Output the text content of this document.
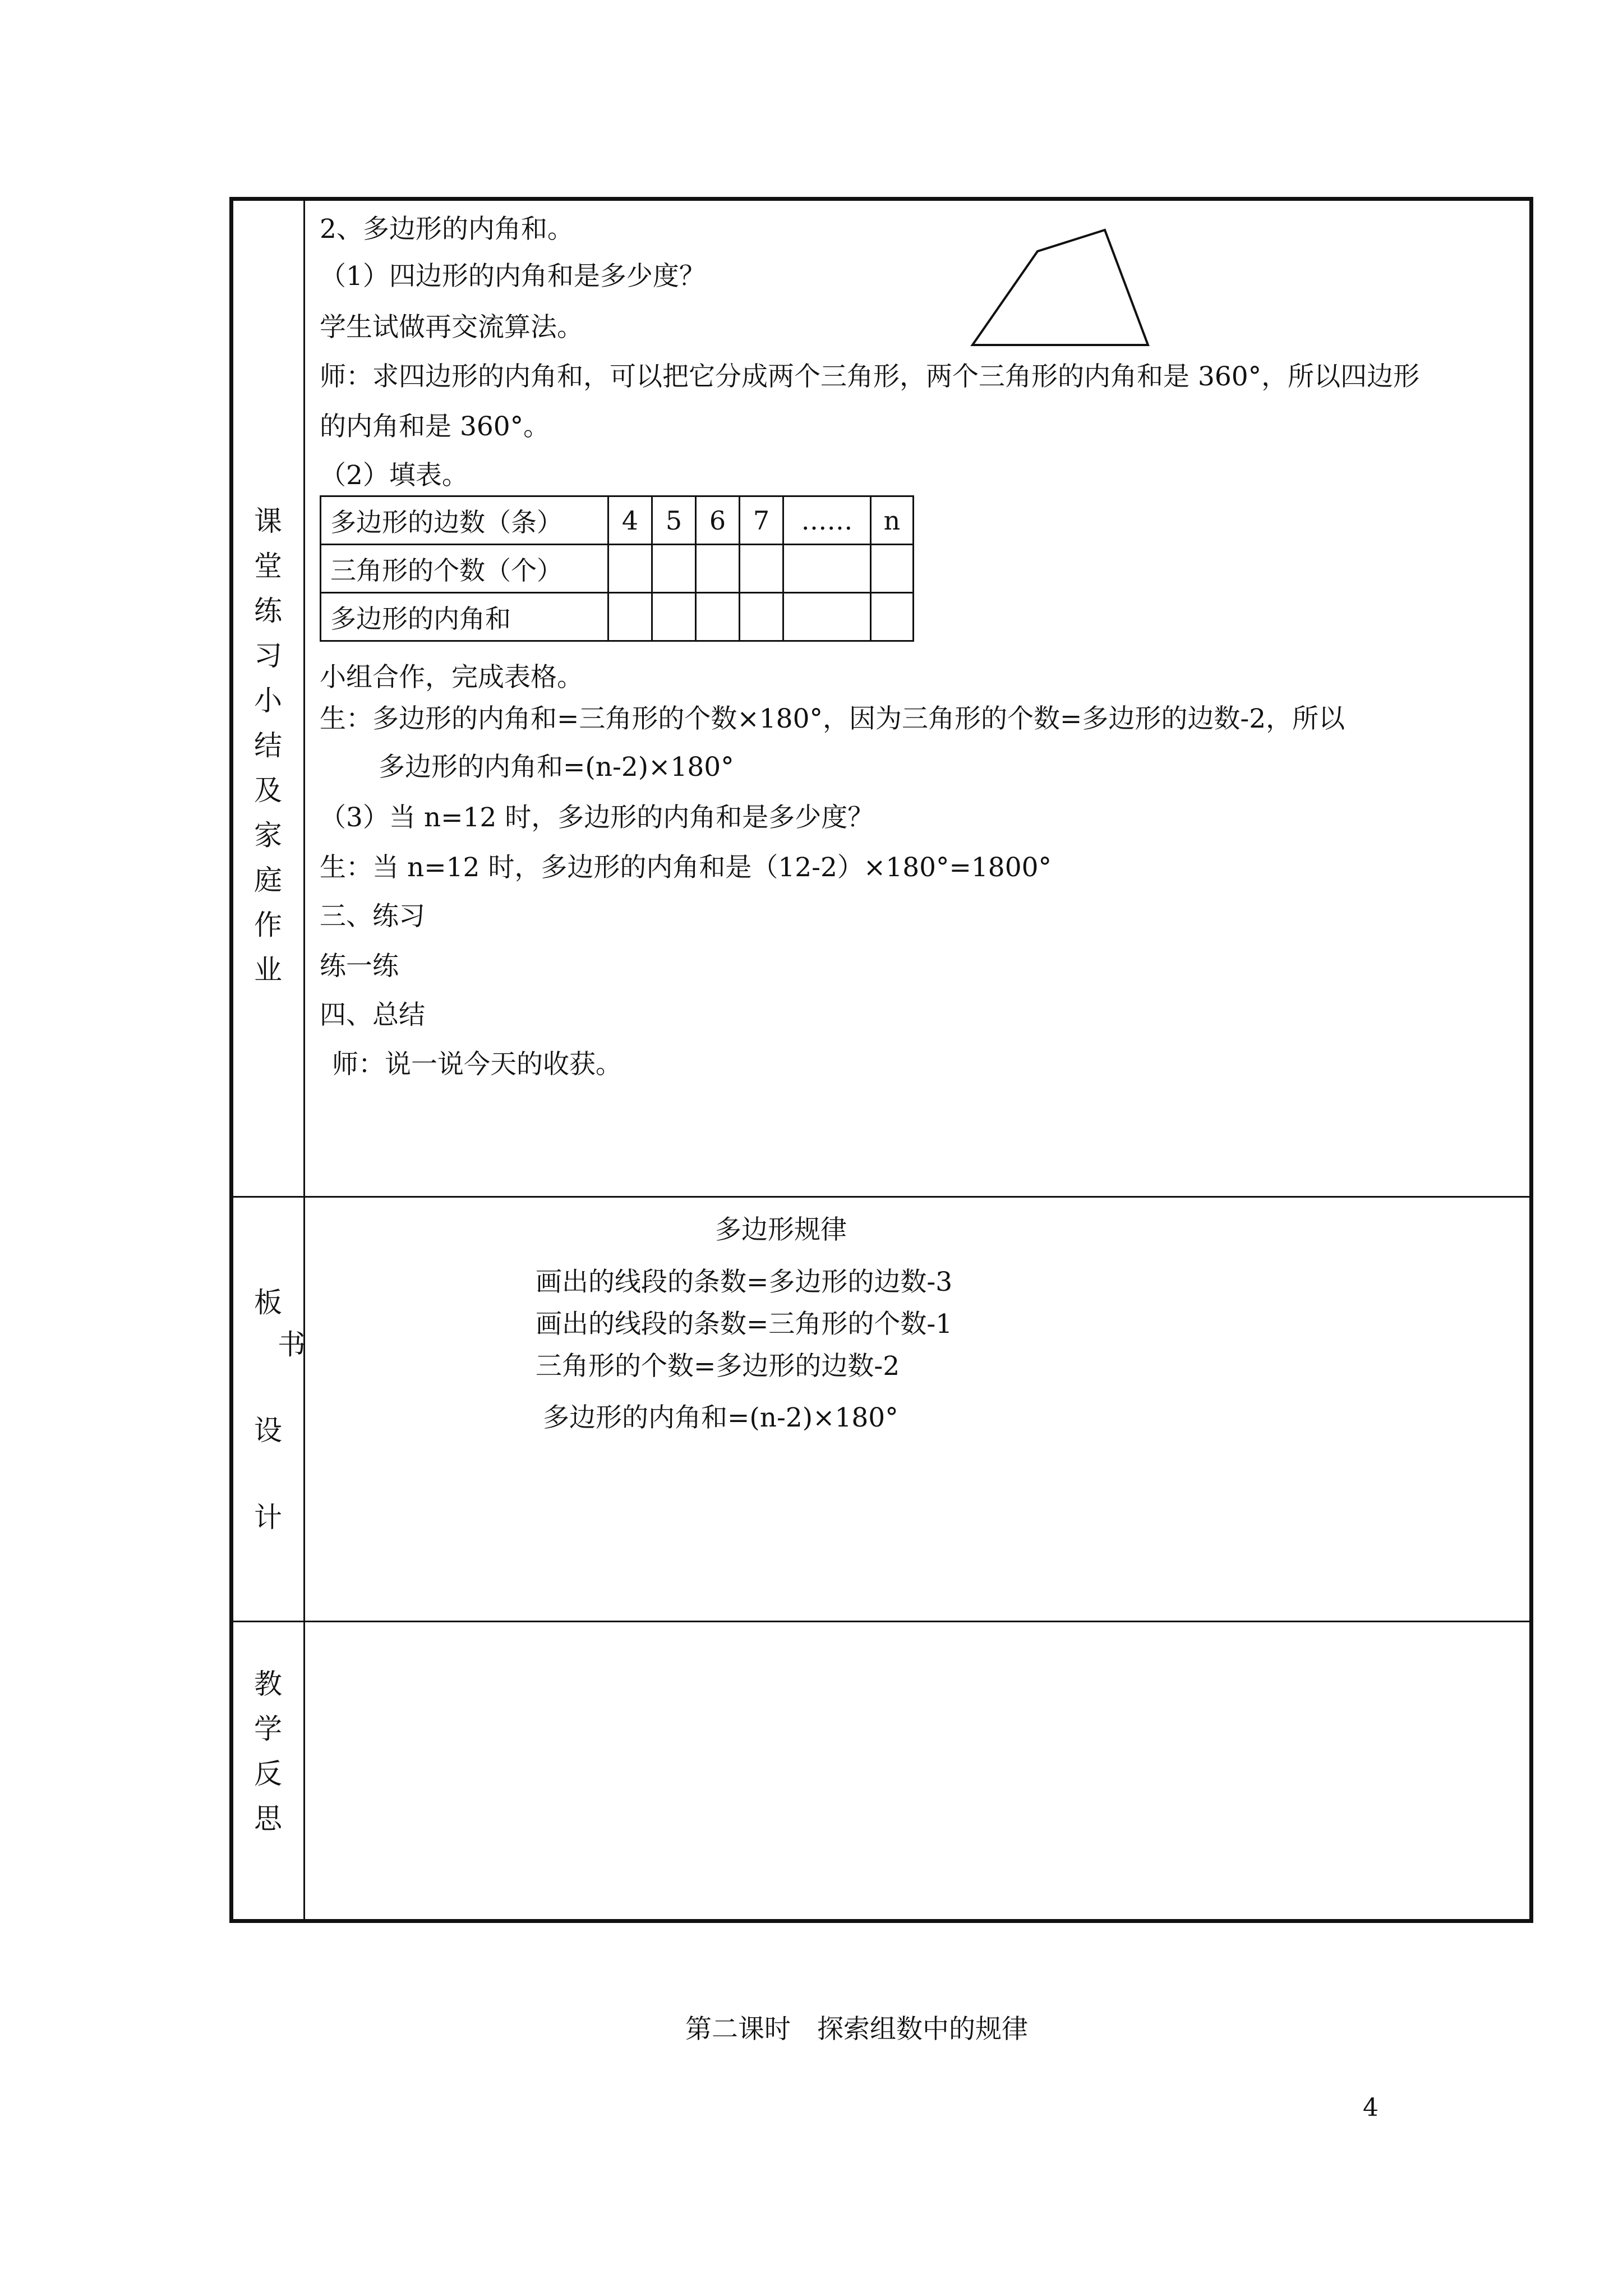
课
堂
练
习
小
结
及
家
庭
作
业
板
书
设
计
教
学
反
思
2、多边形的内角和。
（1）四边形的内角和是多少度？
学生试做再交流算法。
师：求四边形的内角和，可以把它分成两个三角形，两个三角形的内角和是 360°，所以四边形
的内角和是 360°。
（2）填表。
多边形的边数（条）	4	5	6	7	……	n
三角形的个数（个）						
多边形的内角和						
小组合作，完成表格。
生：多边形的内角和=三角形的个数×180°，因为三角形的个数=多边形的边数-2，所以
多边形的内角和=(n-2)×180°
（3）当 n=12 时，多边形的内角和是多少度？
生：当 n=12 时，多边形的内角和是（12-2）×180°=1800°
三、练习
练一练
四、总结
师：说一说今天的收获。
多边形规律
画出的线段的条数=多边形的边数-3
画出的线段的条数=三角形的个数-1
三角形的个数=多边形的边数-2
多边形的内角和=(n-2)×180°
第二课时　探索组数中的规律
4
